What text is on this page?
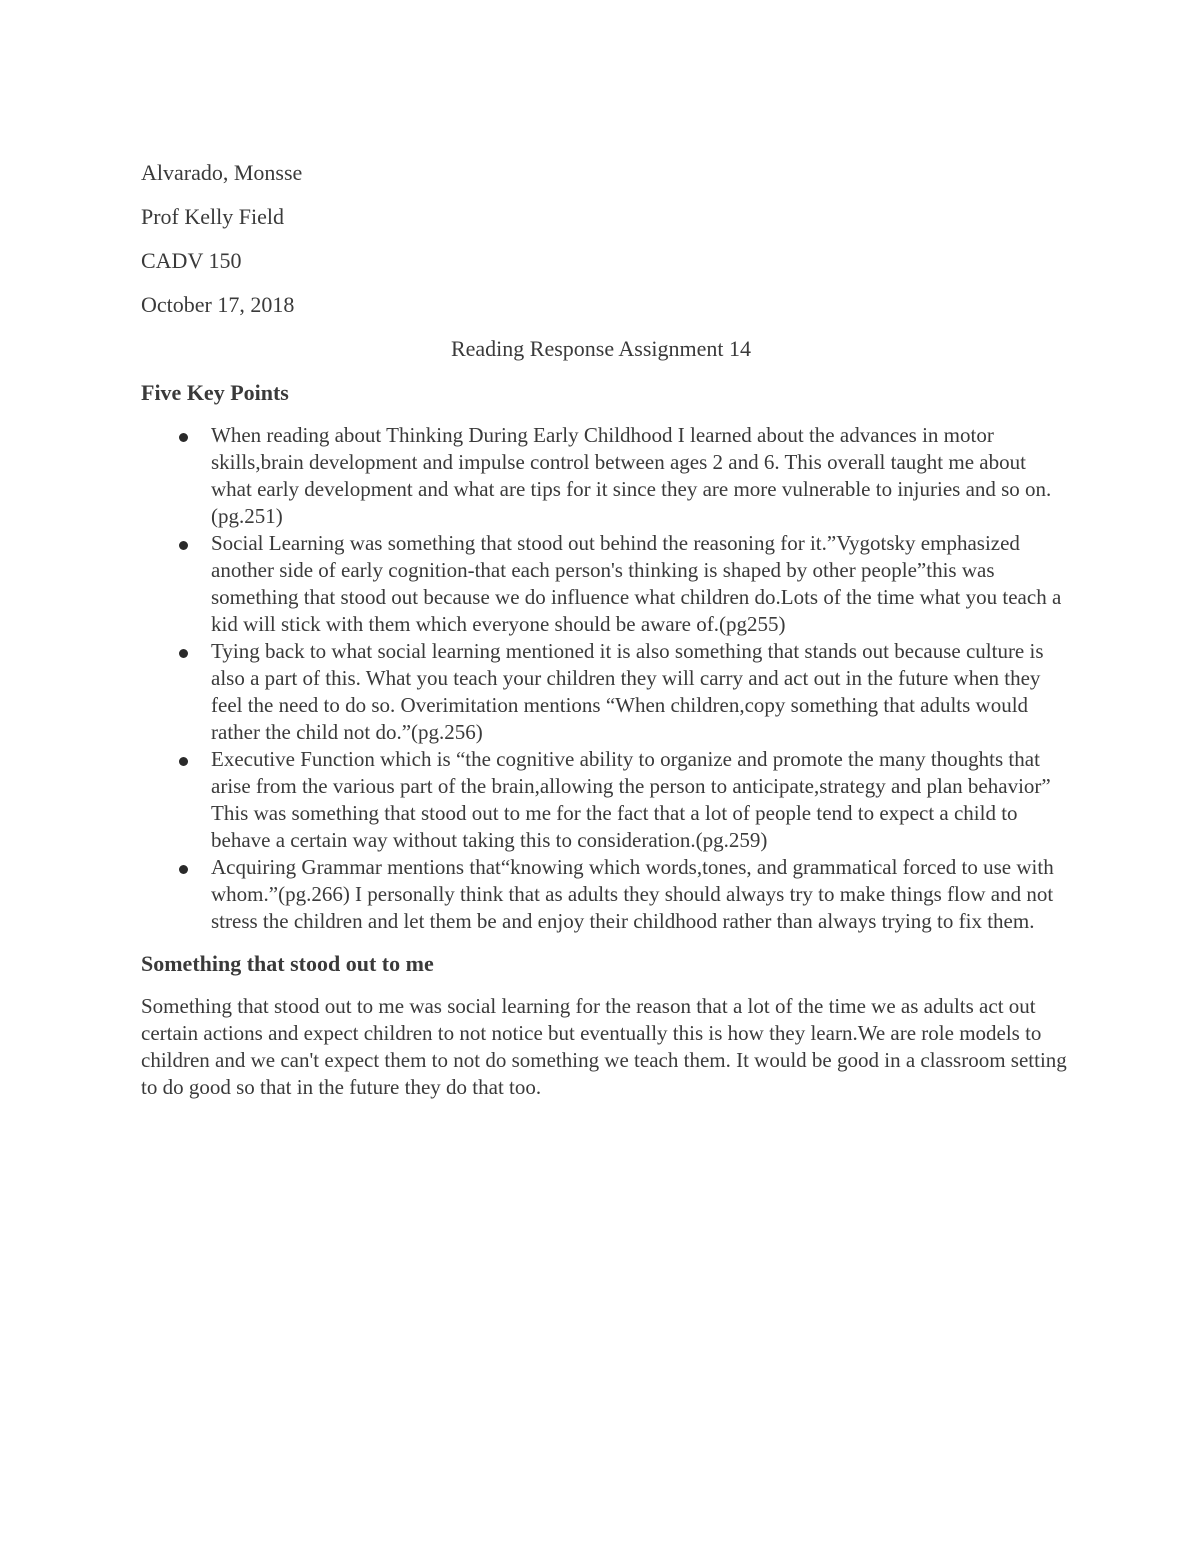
Alvarado, Monsse

Prof Kelly Field

CADV 150

October 17, 2018

Reading Response Assignment 14

Five Key Points

When reading about Thinking During Early Childhood I learned about the advances in motor skills,brain development and impulse control between ages 2 and 6. This overall taught me about what early development and what are tips for it since they are more vulnerable to injuries and so on. (pg.251)
Social Learning was something that stood out behind the reasoning for it.”Vygotsky emphasized another side of early cognition-that each person's thinking is shaped by other people”this was something that stood out because we do influence what children do.Lots of the time what you teach a kid will stick with them which everyone should be aware of.(pg255)
Tying back to what social learning mentioned it is also something that stands out because culture is also a part of this. What you teach your children they will carry and act out in the future when they feel the need to do so. Overimitation mentions “When children,copy something that adults would rather the child not do.”(pg.256)
Executive Function which is “the cognitive ability to organize and promote the many thoughts that arise from the various part of the brain,allowing the person to anticipate,strategy and plan behavior” This was something that stood out to me for the fact that a lot of people tend to expect a child to behave a certain way without taking this to consideration.(pg.259)
Acquiring Grammar mentions that“knowing which words,tones, and grammatical forced to use with whom.”(pg.266) I personally think that as adults they should always try to make things flow and not stress the children and let them be and enjoy their childhood rather than always trying to fix them.

Something that stood out to me

Something that stood out to me was social learning for the reason that a lot of the time we as adults act out certain actions and expect children to not notice but eventually this is how they learn.We are role models to children and we can't expect them to not do something we teach them. It would be good in a classroom setting to do good so that in the future they do that too.
